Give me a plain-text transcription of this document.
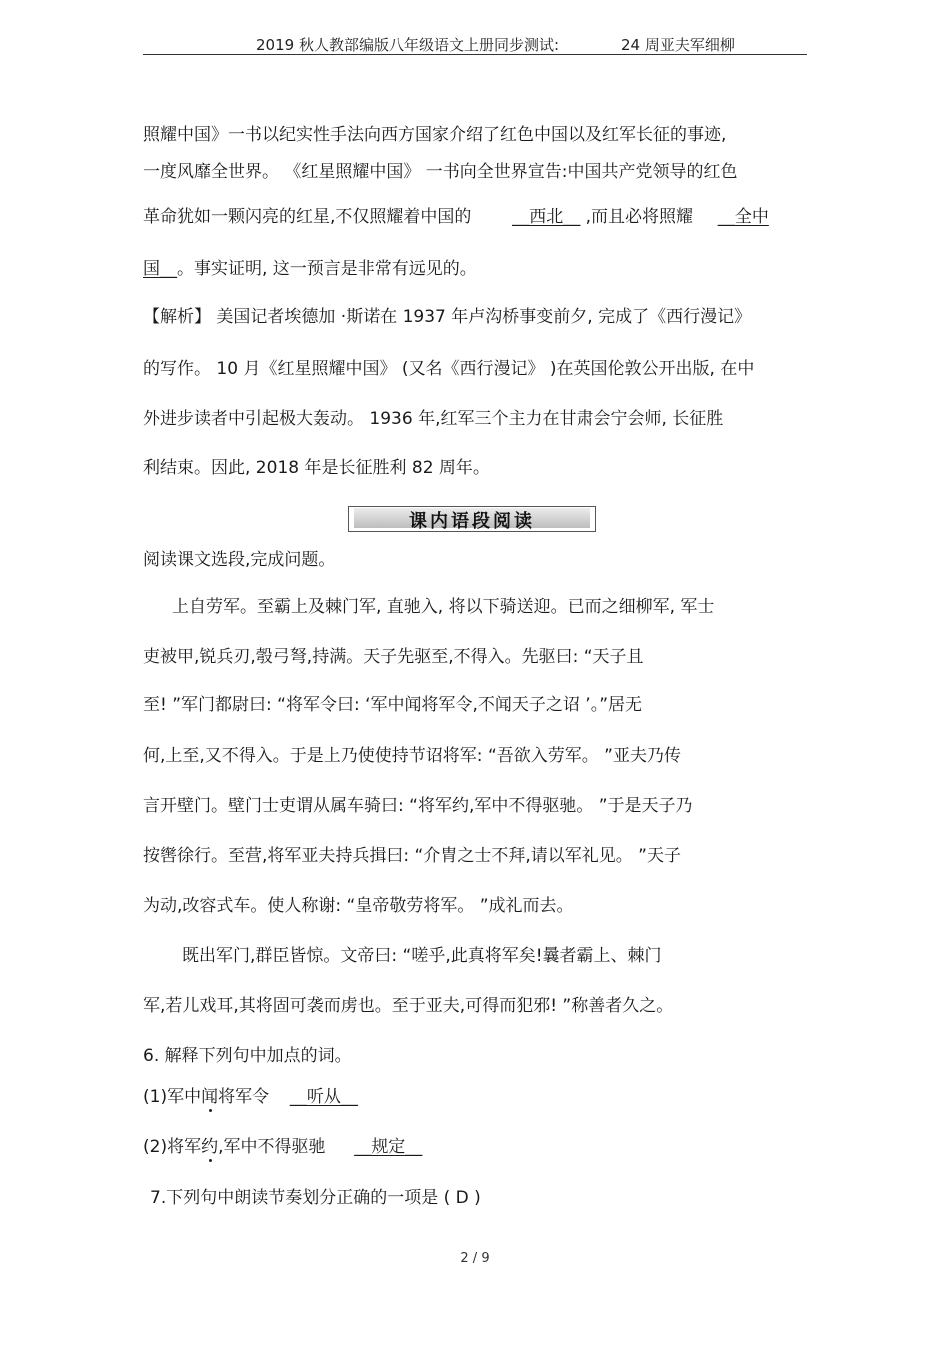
2019 秋人教部编版八年级语文上册同步测试:	24 周亚夫军细柳
照耀中国》一书以纪实性手法向西方国家介绍了红色中国以及红军长征的事迹,
一度风靡全世界。 《红星照耀中国》 一书向全世界宣告:中国共产党领导的红色
革命犹如一颗闪亮的红星,不仅照耀着中国的 __西北__ ,而且必将照耀 __全中
国__。事实证明, 这一预言是非常有远见的。
【解析】 美国记者埃德加 ·斯诺在 1937 年卢沟桥事变前夕, 完成了《西行漫记》
的写作。 10 月《红星照耀中国》 (又名《西行漫记》 )在英国伦敦公开出版, 在中
外进步读者中引起极大轰动。 1936 年,红军三个主力在甘肃会宁会师, 长征胜
利结束。因此, 2018 年是长征胜利 82 周年。
课内语段阅读
阅读课文选段,完成问题。
上自劳军。至霸上及棘门军, 直驰入, 将以下骑送迎。已而之细柳军, 军士
吏被甲,锐兵刃,彀弓弩,持满。天子先驱至,不得入。先驱曰: “天子且
至! ”军门都尉曰: “将军令曰: ‘军中闻将军令,不闻天子之诏 ’。”居无
何,上至,又不得入。于是上乃使使持节诏将军: “吾欲入劳军。 ”亚夫乃传
言开壁门。壁门士吏谓从属车骑曰: “将军约,军中不得驱驰。 ”于是天子乃
按辔徐行。至营,将军亚夫持兵揖曰: “介胄之士不拜,请以军礼见。 ”天子
为动,改容式车。使人称谢: “皇帝敬劳将军。 ”成礼而去。
既出军门,群臣皆惊。文帝曰: “嗟乎,此真将军矣!曩者霸上、棘门
军,若儿戏耳,其将固可袭而虏也。至于亚夫,可得而犯邪! ”称善者久之。
6. 解释下列句中加点的词。
(1)军中闻将军令 __听从__
(2)将军约,军中不得驱驰 __规定__
7.下列句中朗读节奏划分正确的一项是 ( D )
2 / 9
